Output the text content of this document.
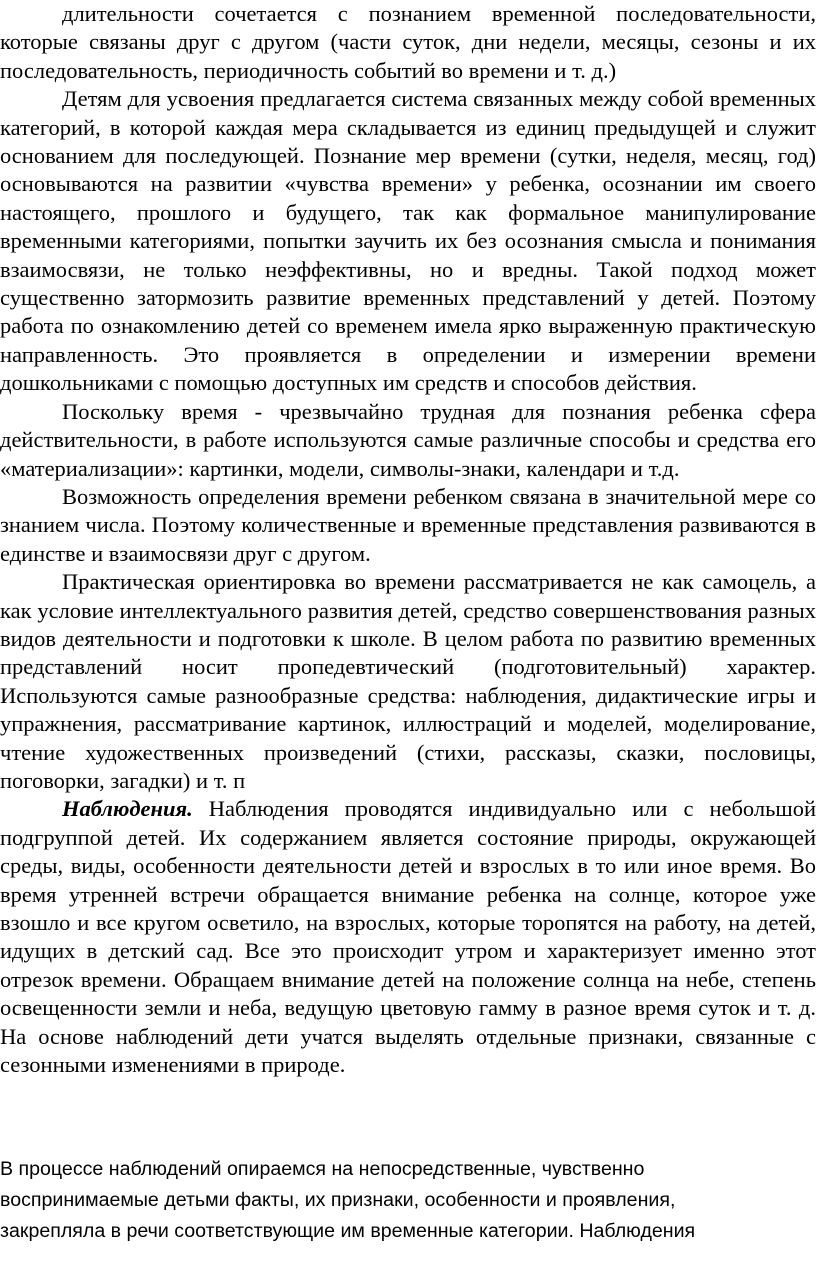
длительности сочетается с познанием временной последовательности, которые связаны друг с другом (части суток, дни недели, месяцы, сезоны и их последовательность, периодичность событий во времени и т. д.)

Детям для усвоения предлагается система связанных между собой временных категорий, в которой каждая мера складывается из единиц предыдущей и служит основанием для последующей. Познание мер времени (сутки, неделя, месяц, год) основываются на развитии «чувства времени» у ребенка, осознании им своего настоящего, прошлого и будущего, так как формальное манипулирование временными категориями, попытки заучить их без осознания смысла и понимания взаимосвязи, не только неэффективны, но и вредны. Такой подход может существенно затормозить развитие временных представлений у детей. Поэтому работа по ознакомлению детей со временем имела ярко выраженную практическую направленность. Это проявляется в определении и измерении времени дошкольниками с помощью доступных им средств и способов действия.

Поскольку время - чрезвычайно трудная для познания ребенка сфера действительности, в работе используются самые различные способы и средства его «материализации»: картинки, модели, символы-знаки, календари и т.д.

Возможность определения времени ребенком связана в значительной мере со знанием числа. Поэтому количественные и временные представления развиваются в единстве и взаимосвязи друг с другом.

Практическая ориентировка во времени рассматривается не как самоцель, а как условие интеллектуального развития детей, средство совершенствования разных видов деятельности и подготовки к школе. В целом работа по развитию временных представлений носит пропедевтический (подготовительный) характер. Используются самые разнообразные средства: наблюдения, дидактические игры и упражнения, рассматривание картинок, иллюстраций и моделей, моделирование, чтение художественных произведений (стихи, рассказы, сказки, пословицы, поговорки, загадки) и т. п

Наблюдения. Наблюдения проводятся индивидуально или с небольшой подгруппой детей. Их содержанием является состояние природы, окружающей среды, виды, особенности деятельности детей и взрослых в то или иное время. Во время утренней встречи обращается внимание ребенка на солнце, которое уже взошло и все кругом осветило, на взрослых, которые торопятся на работу, на детей, идущих в детский сад. Все это происходит утром и характеризует именно этот отрезок времени. Обращаем внимание детей на положение солнца на небе, степень освещенности земли и неба, ведущую цветовую гамму в разное время суток и т. д. На основе наблюдений дети учатся выделять отдельные признаки, связанные с сезонными изменениями в природе.

В процессе наблюдений опираемся на непосредственные, чувственно

воспринимаемые детьми факты, их признаки, особенности и проявления,

закрепляла в речи соответствующие им временные категории. Наблюдения
